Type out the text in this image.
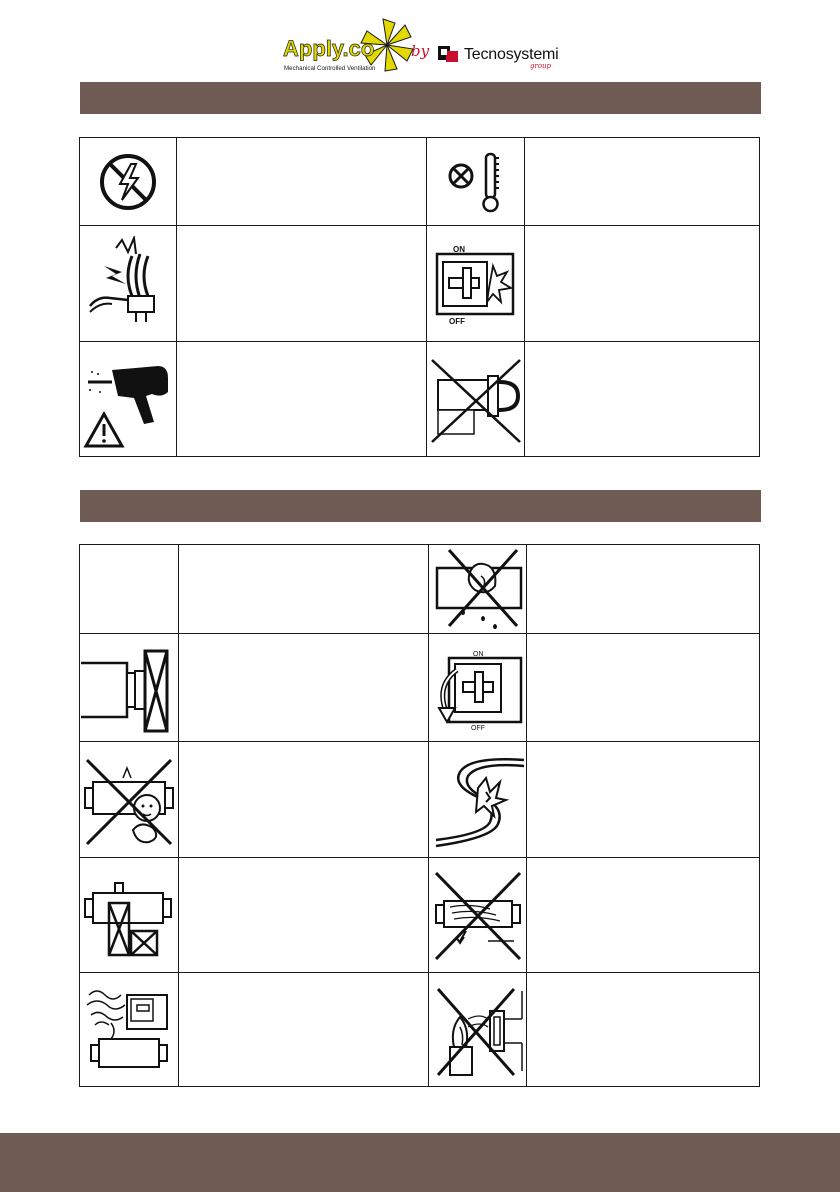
Apply.co
Mechanical Controlled Ventilation
by Tecnosystemi
group
ON
OFF
ON
OFF
